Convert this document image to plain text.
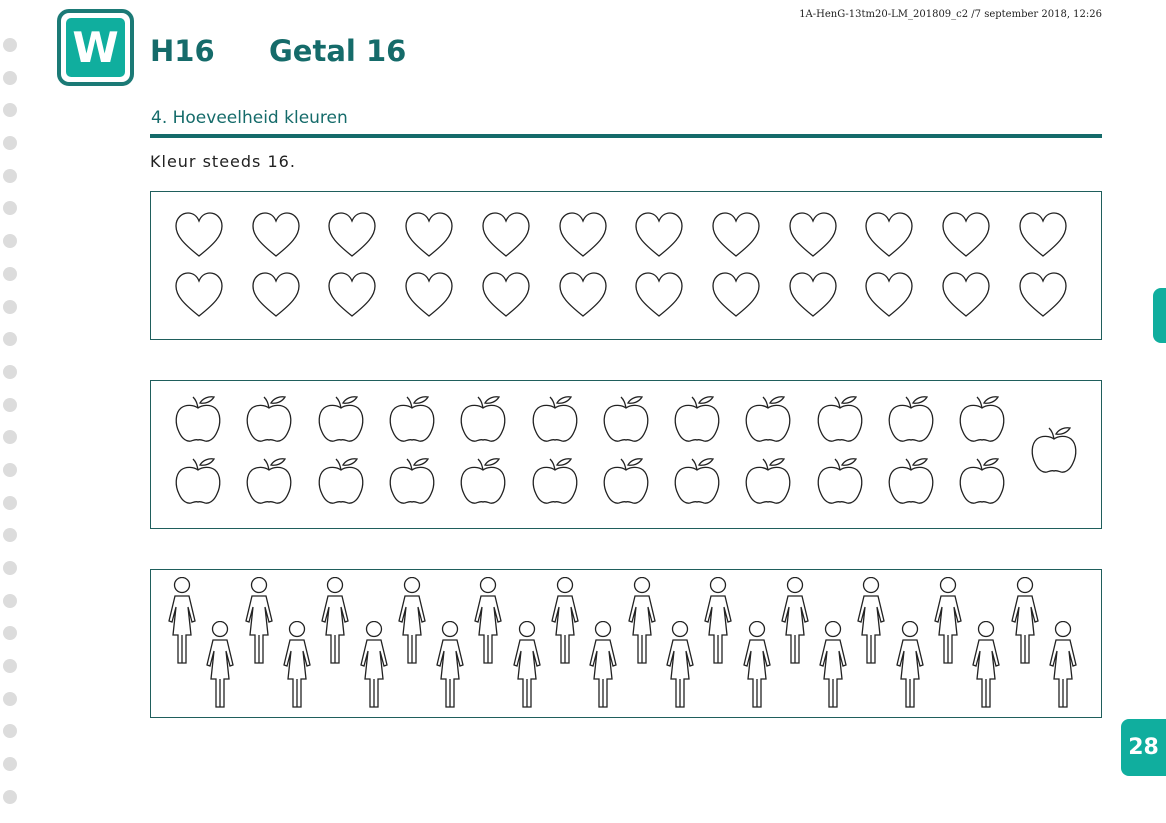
W
1A-HenG-13tm20-LM_201809_c2 /7 september 2018, 12:26
H16 Getal 16
4. Hoeveelheid kleuren
Kleur steeds 16.
28
